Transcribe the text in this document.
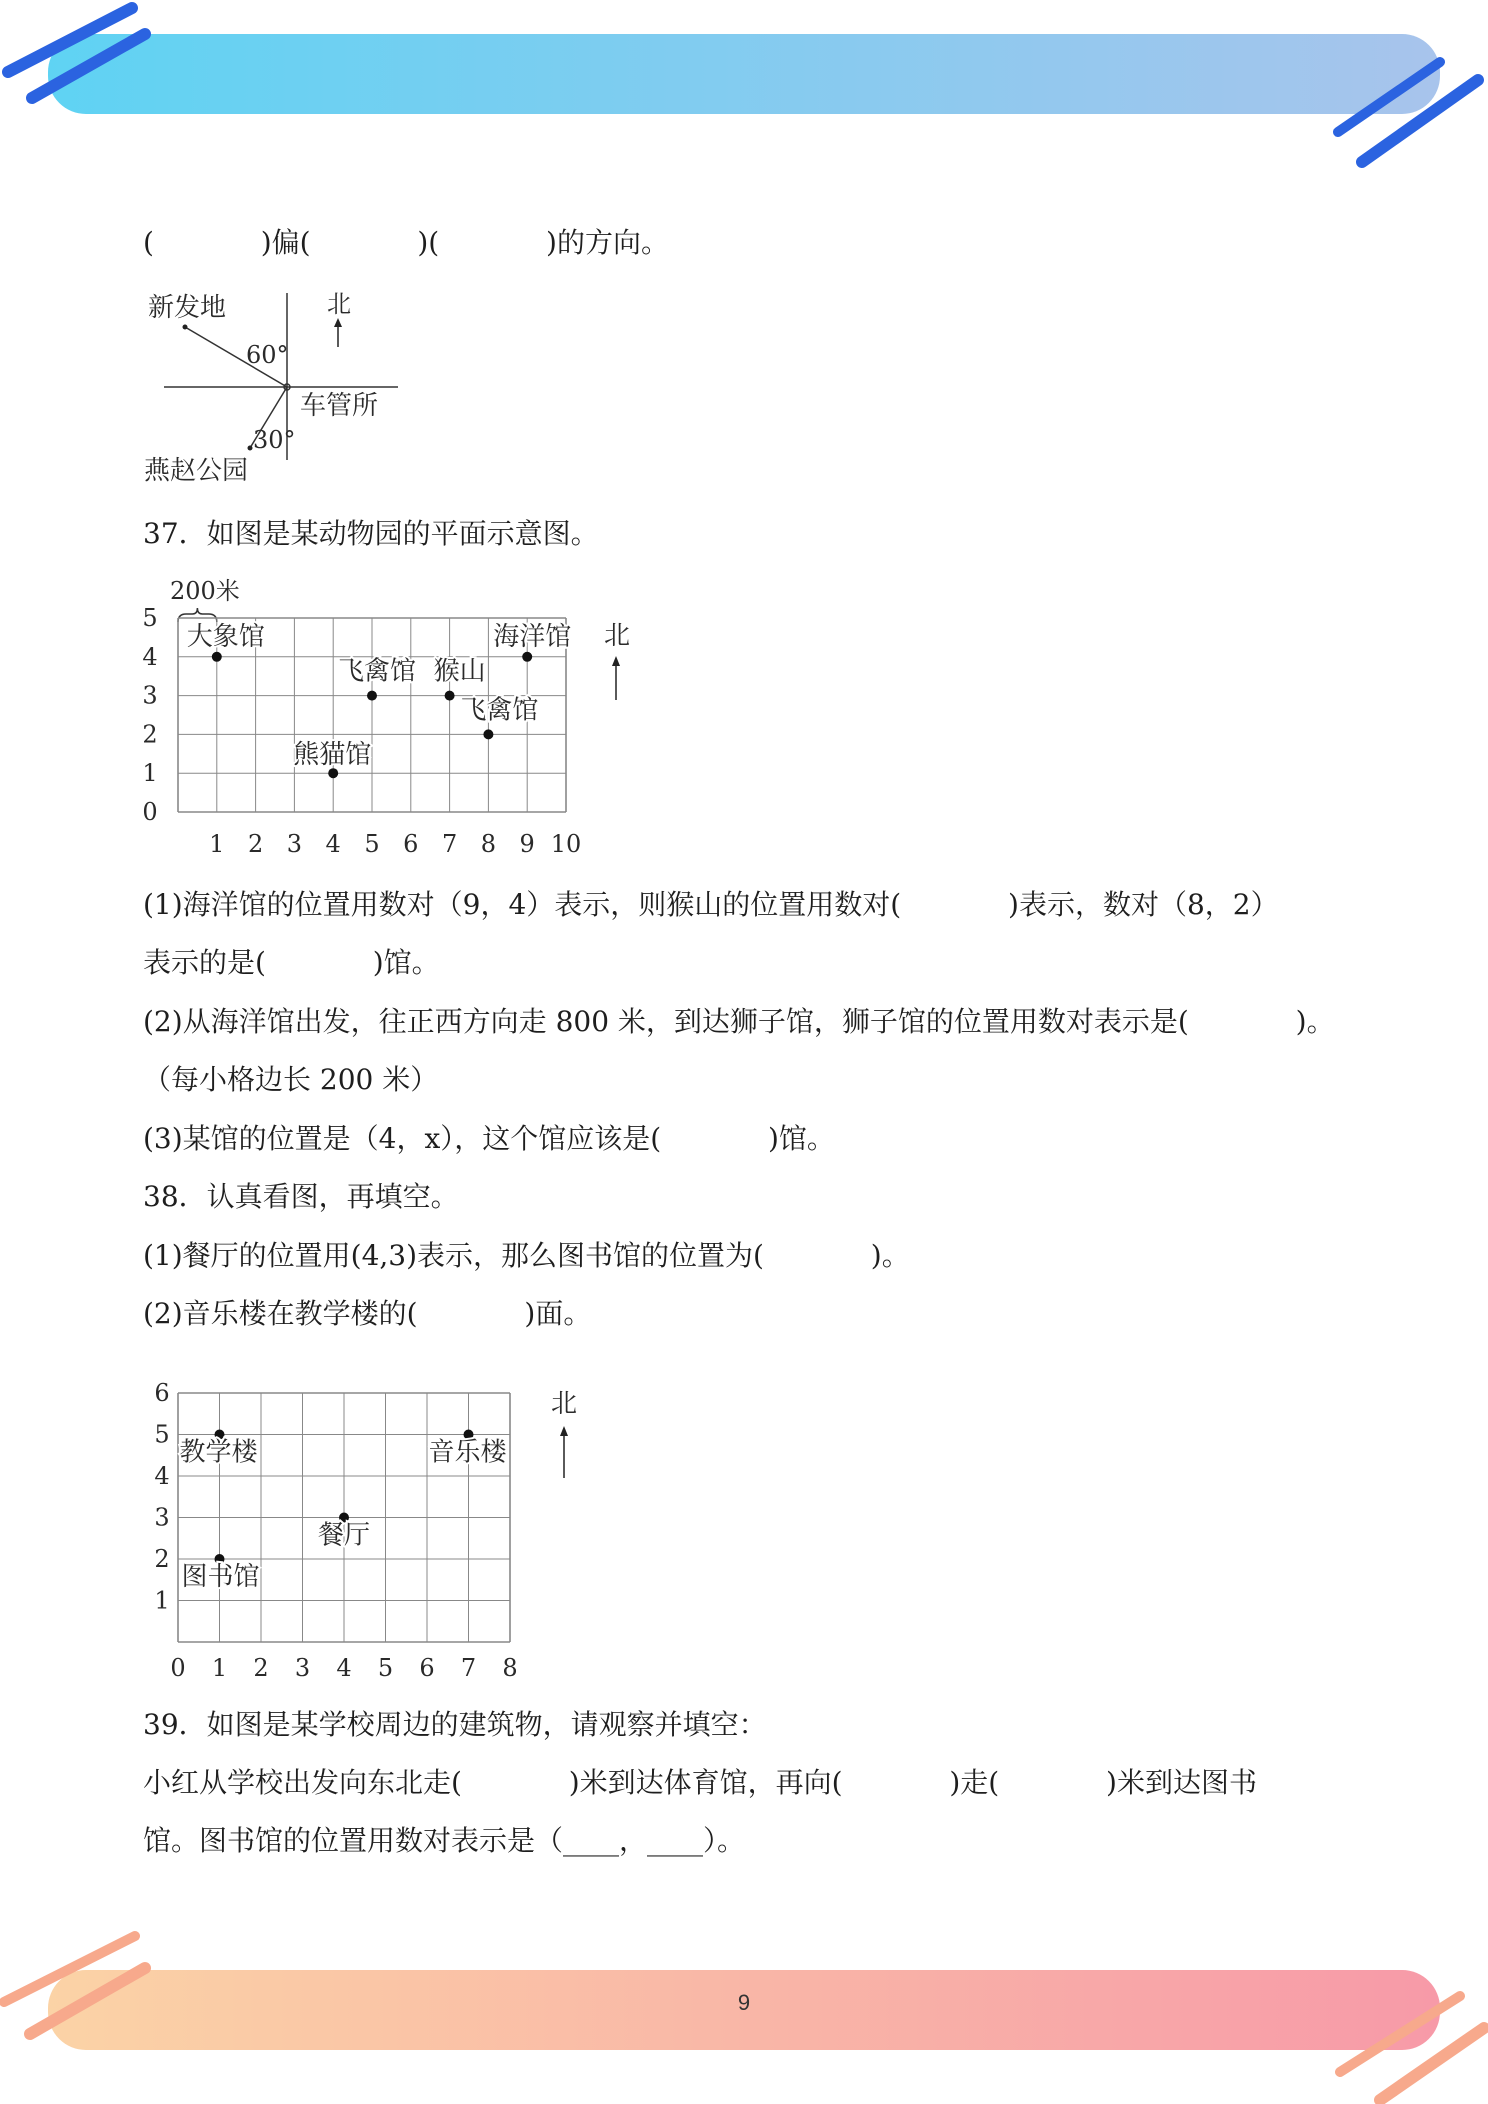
(            )偏(            )(            )的方向。
新发地	北
60°
车管所
30°
燕赵公园
37．如图是某动物园的平面示意图。
200米
1 2 3 4 5 6 7 8 9 10
0
1
2
3
4
5
大象馆	海洋馆
飞禽馆 猴山
飞禽馆
熊猫馆
北
(1)海洋馆的位置用数对（9，4）表示，则猴山的位置用数对(            )表示，数对（8，2）
表示的是(            )馆。
(2)从海洋馆出发，往正西方向走 800 米，到达狮子馆，狮子馆的位置用数对表示是(            )。
（每小格边长 200 米）
(3)某馆的位置是（4，x），这个馆应该是(            )馆。
38．认真看图，再填空。
(1)餐厅的位置用(4,3)表示，那么图书馆的位置为(            )。
(2)音乐楼在教学楼的(            )面。
0 1 2 3 4 5 6 7 8
1
2
3
4
5
6
教学楼	音乐楼
餐厅
图书馆
北
39．如图是某学校周边的建筑物，请观察并填空：
小红从学校出发向东北走(            )米到达体育馆，再向(            )走(            )米到达图书
馆。图书馆的位置用数对表示是（____，____）。
9
